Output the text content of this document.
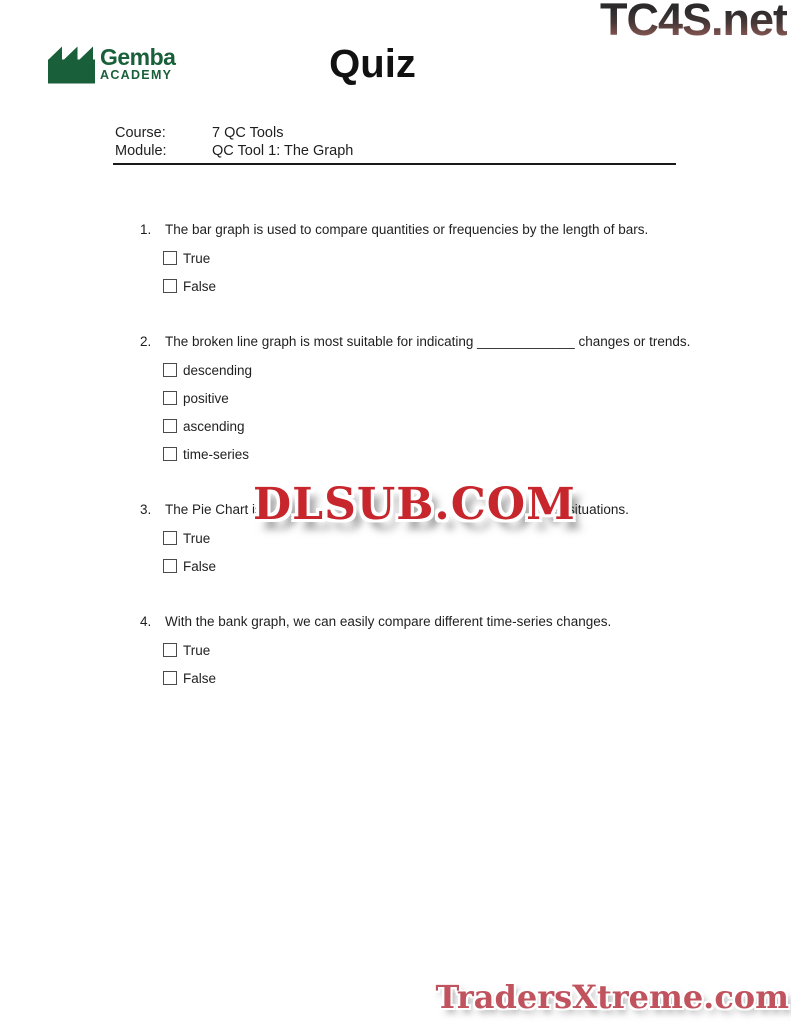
TC4S.net
Gemba
ACADEMY	Quiz
Course:	7 QC Tools
Module:	QC Tool 1: The Graph
1.	The bar graph is used to compare quantities or frequencies by the length of bars.
True
False
2.	The broken line graph is most suitable for indicating _____________ changes or trends.
descending
positive
ascending
time-series
3.	The Pie Chart is	al situations.
True
False
4.	With the bank graph, we can easily compare different time-series changes.
True
False
DLSUB.COM
TradersXtreme.com
